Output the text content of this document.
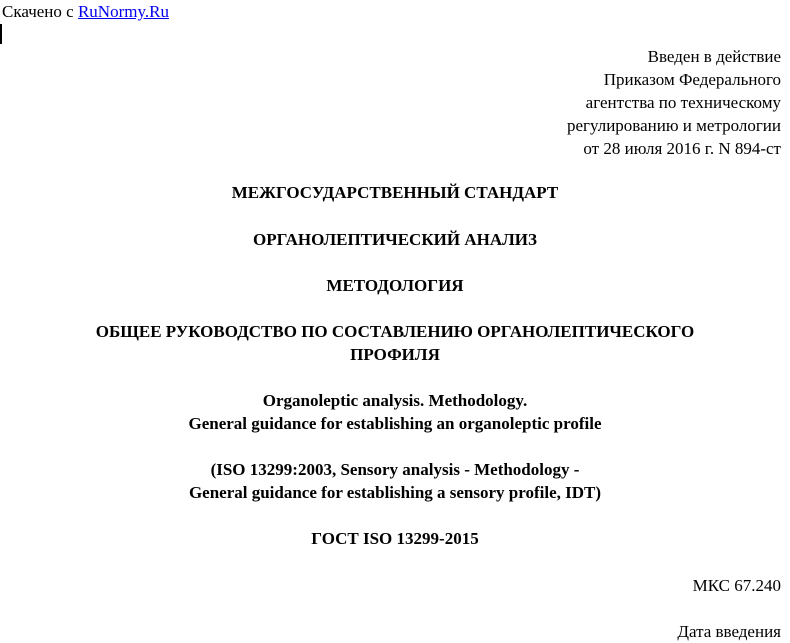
Скачено с RuNormy.Ru
Введен в действие
Приказом Федерального
агентства по техническому
регулированию и метрологии
от 28 июля 2016 г. N 894-ст
МЕЖГОСУДАРСТВЕННЫЙ СТАНДАРТ
ОРГАНОЛЕПТИЧЕСКИЙ АНАЛИЗ
МЕТОДОЛОГИЯ
ОБЩЕЕ РУКОВОДСТВО ПО СОСТАВЛЕНИЮ ОРГАНОЛЕПТИЧЕСКОГО
ПРОФИЛЯ
Organoleptic analysis. Methodology.
General guidance for establishing an organoleptic profile
(ISO 13299:2003, Sensory analysis - Methodology -
General guidance for establishing a sensory profile, IDT)
ГОСТ ISO 13299-2015
МКС 67.240
Дата введения
